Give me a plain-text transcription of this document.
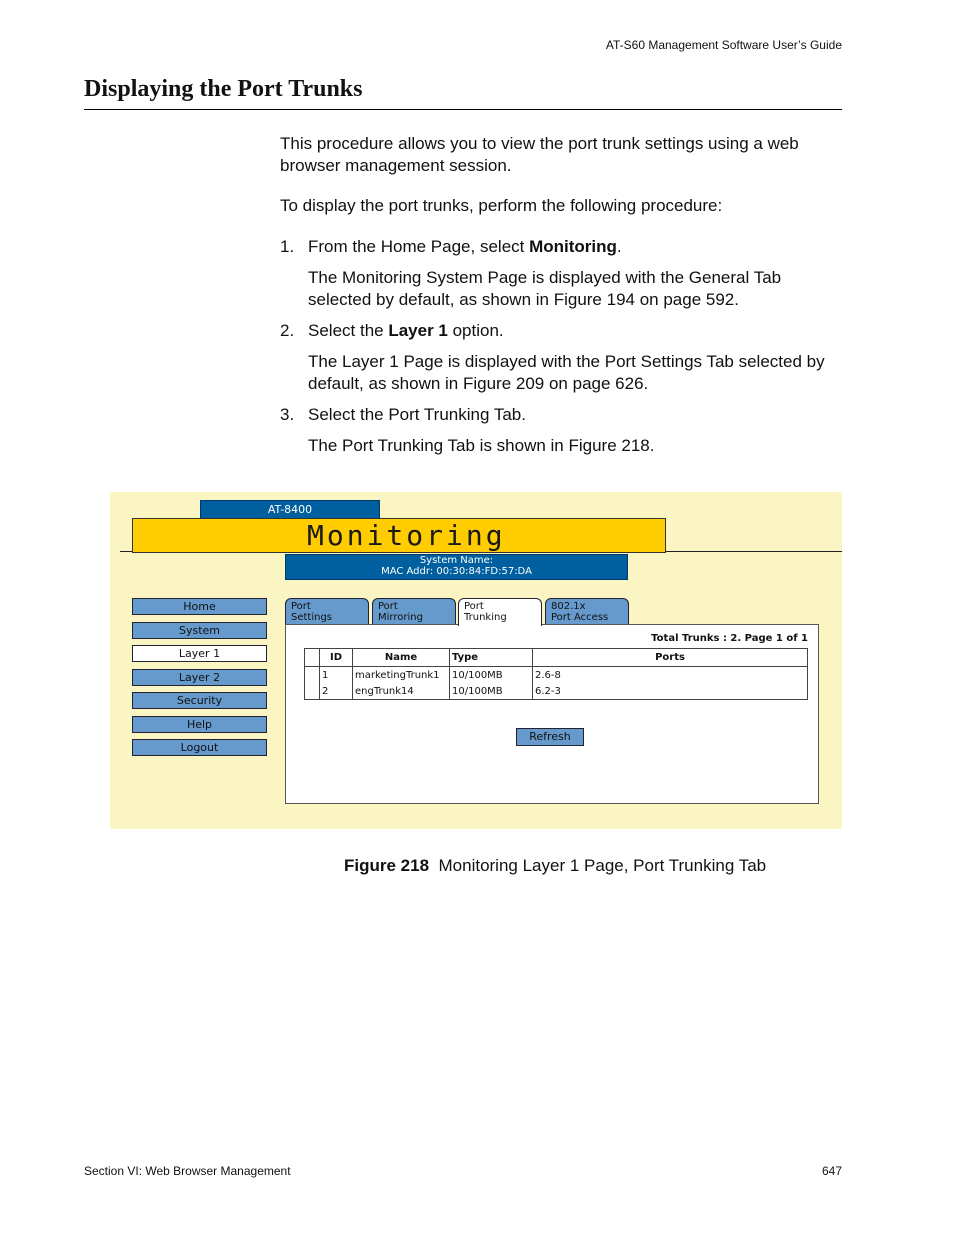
AT-S60 Management Software User’s Guide
Displaying the Port Trunks
This procedure allows you to view the port trunk settings using a web browser management session.
To display the port trunks, perform the following procedure:
1. From the Home Page, select Monitoring.
The Monitoring System Page is displayed with the General Tab selected by default, as shown in Figure 194 on page 592.
2. Select the Layer 1 option.
The Layer 1 Page is displayed with the Port Settings Tab selected by default, as shown in Figure 209 on page 626.
3. Select the Port Trunking Tab.
The Port Trunking Tab is shown in Figure 218.
AT-8400
Monitoring
System Name:
MAC Addr: 00:30:84:FD:57:DA
Home
System
Layer 1
Layer 2
Security
Help
Logout
Port
Settings
Port
Mirroring
Port
Trunking
802.1x
Port Access
Total Trunks : 2. Page 1 of 1
	ID	Name	Type	Ports
	1	marketingTrunk1	10/100MB	2.6-8
	2	engTrunk14	10/100MB	6.2-3
Refresh
Figure 218 Monitoring Layer 1 Page, Port Trunking Tab
Section VI: Web Browser Management	647
